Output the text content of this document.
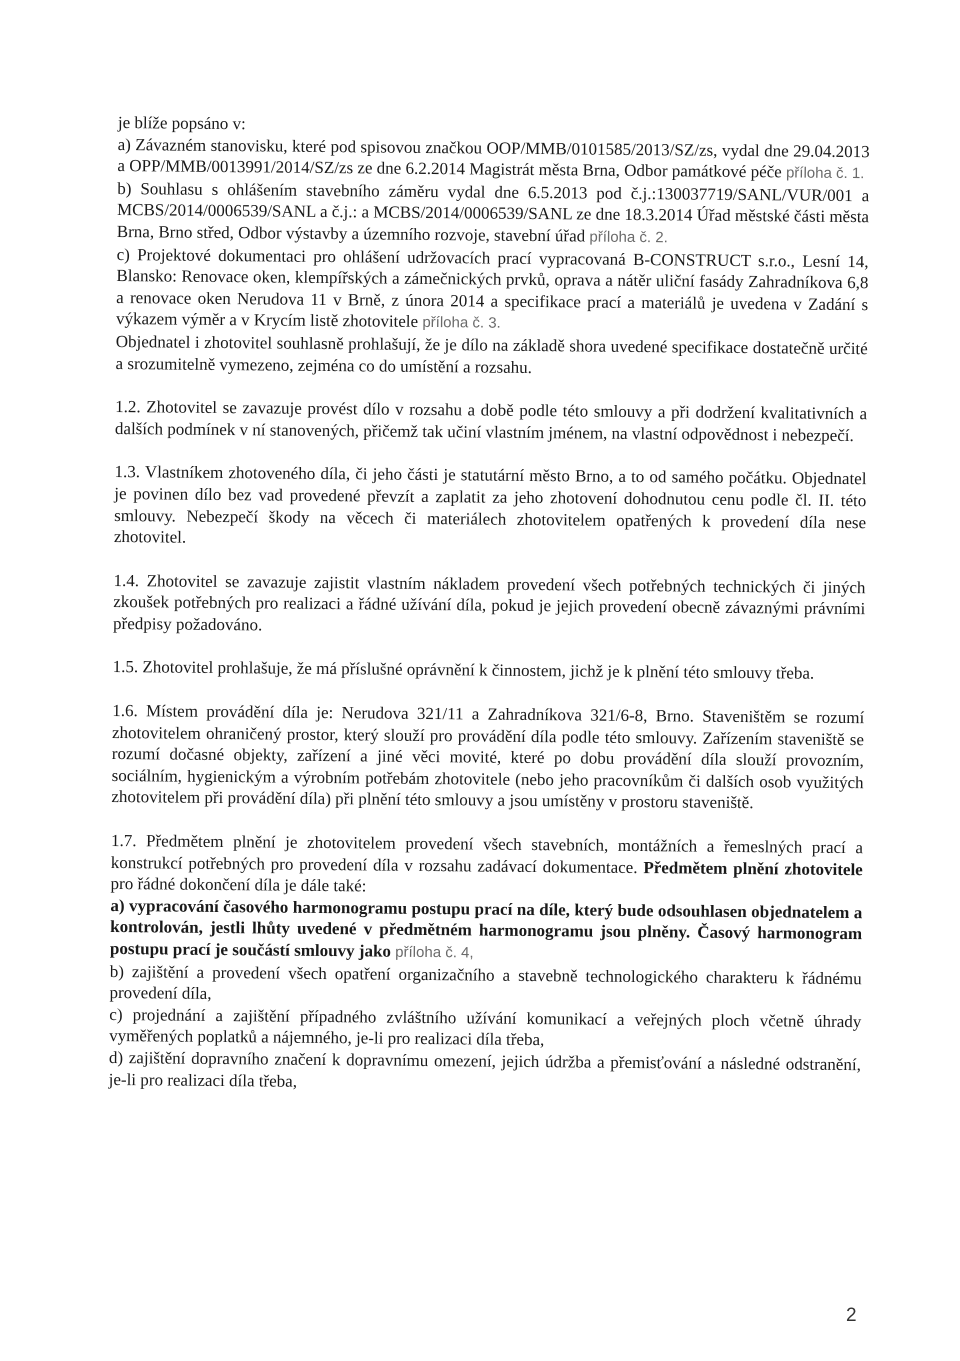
je blíže popsáno v:

a) Závazném stanovisku, které pod spisovou značkou OOP/MMB/0101585/2013/SZ/zs, vydal dne 29.04.2013 a OPP/MMB/0013991/2014/SZ/zs ze dne 6.2.2014 Magistrát města Brna, Odbor památkové péče příloha č. 1.

b) Souhlasu s ohlášením stavebního záměru vydal dne 6.5.2013 pod č.j.:130037719/SANL/VUR/001 a MCBS/2014/0006539/SANL a č.j.: a MCBS/2014/0006539/SANL ze dne 18.3.2014 Úřad městské části města Brna, Brno střed, Odbor výstavby a územního rozvoje, stavební úřad příloha č. 2.

c) Projektové dokumentaci pro ohlášení udržovacích prací vypracovaná B-CONSTRUCT s.r.o., Lesní 14, Blansko: Renovace oken, klempířských a zámečnických prvků, oprava a nátěr uliční fasády Zahradníkova 6,8 a renovace oken Nerudova 11 v Brně, z února 2014 a specifikace prací a materiálů je uvedena v Zadání s výkazem výměr a v Krycím listě zhotovitele příloha č. 3.

Objednatel i zhotovitel souhlasně prohlašují, že je dílo na základě shora uvedené specifikace dostatečně určité a srozumitelně vymezeno, zejména co do umístění a rozsahu.

1.2. Zhotovitel se zavazuje provést dílo v rozsahu a době podle této smlouvy a při dodržení kvalitativních a dalších podmínek v ní stanovených, přičemž tak učiní vlastním jménem, na vlastní odpovědnost i nebezpečí.

1.3. Vlastníkem zhotoveného díla, či jeho části je statutární město Brno, a to od samého počátku. Objednatel je povinen dílo bez vad provedené převzít a zaplatit za jeho zhotovení dohodnutou cenu podle čl. II. této smlouvy. Nebezpečí škody na věcech či materiálech zhotovitelem opatřených k provedení díla nese zhotovitel.

1.4. Zhotovitel se zavazuje zajistit vlastním nákladem provedení všech potřebných technických či jiných zkoušek potřebných pro realizaci a řádné užívání díla, pokud je jejich provedení obecně závaznými právními předpisy požadováno.

1.5. Zhotovitel prohlašuje, že má příslušné oprávnění k činnostem, jichž je k plnění této smlouvy třeba.

1.6. Místem provádění díla je: Nerudova 321/11 a Zahradníkova 321/6-8, Brno. Staveništěm se rozumí zhotovitelem ohraničený prostor, který slouží pro provádění díla podle této smlouvy. Zařízením staveniště se rozumí dočasné objekty, zařízení a jiné věci movité, které po dobu provádění díla slouží provozním, sociálním, hygienickým a výrobním potřebám zhotovitele (nebo jeho pracovníkům či dalších osob využitých zhotovitelem při provádění díla) při plnění této smlouvy a jsou umístěny v prostoru staveniště.

1.7. Předmětem plnění je zhotovitelem provedení všech stavebních, montážních a řemeslných prací a konstrukcí potřebných pro provedení díla v rozsahu zadávací dokumentace. Předmětem plnění zhotovitele pro řádné dokončení díla je dále také:

a) vypracování časového harmonogramu postupu prací na díle, který bude odsouhlasen objednatelem a kontrolován, jestli lhůty uvedené v předmětném harmonogramu jsou plněny. Časový harmonogram postupu prací je součástí smlouvy jako příloha č. 4,

b) zajištění a provedení všech opatření organizačního a stavebně technologického charakteru k řádnému provedení díla,

c) projednání a zajištění případného zvláštního užívání komunikací a veřejných ploch včetně úhrady vyměřených poplatků a nájemného, je-li pro realizaci díla třeba,

d) zajištění dopravního značení k dopravnímu omezení, jejich údržba a přemisťování a následné odstranění, je-li pro realizaci díla třeba,

2
